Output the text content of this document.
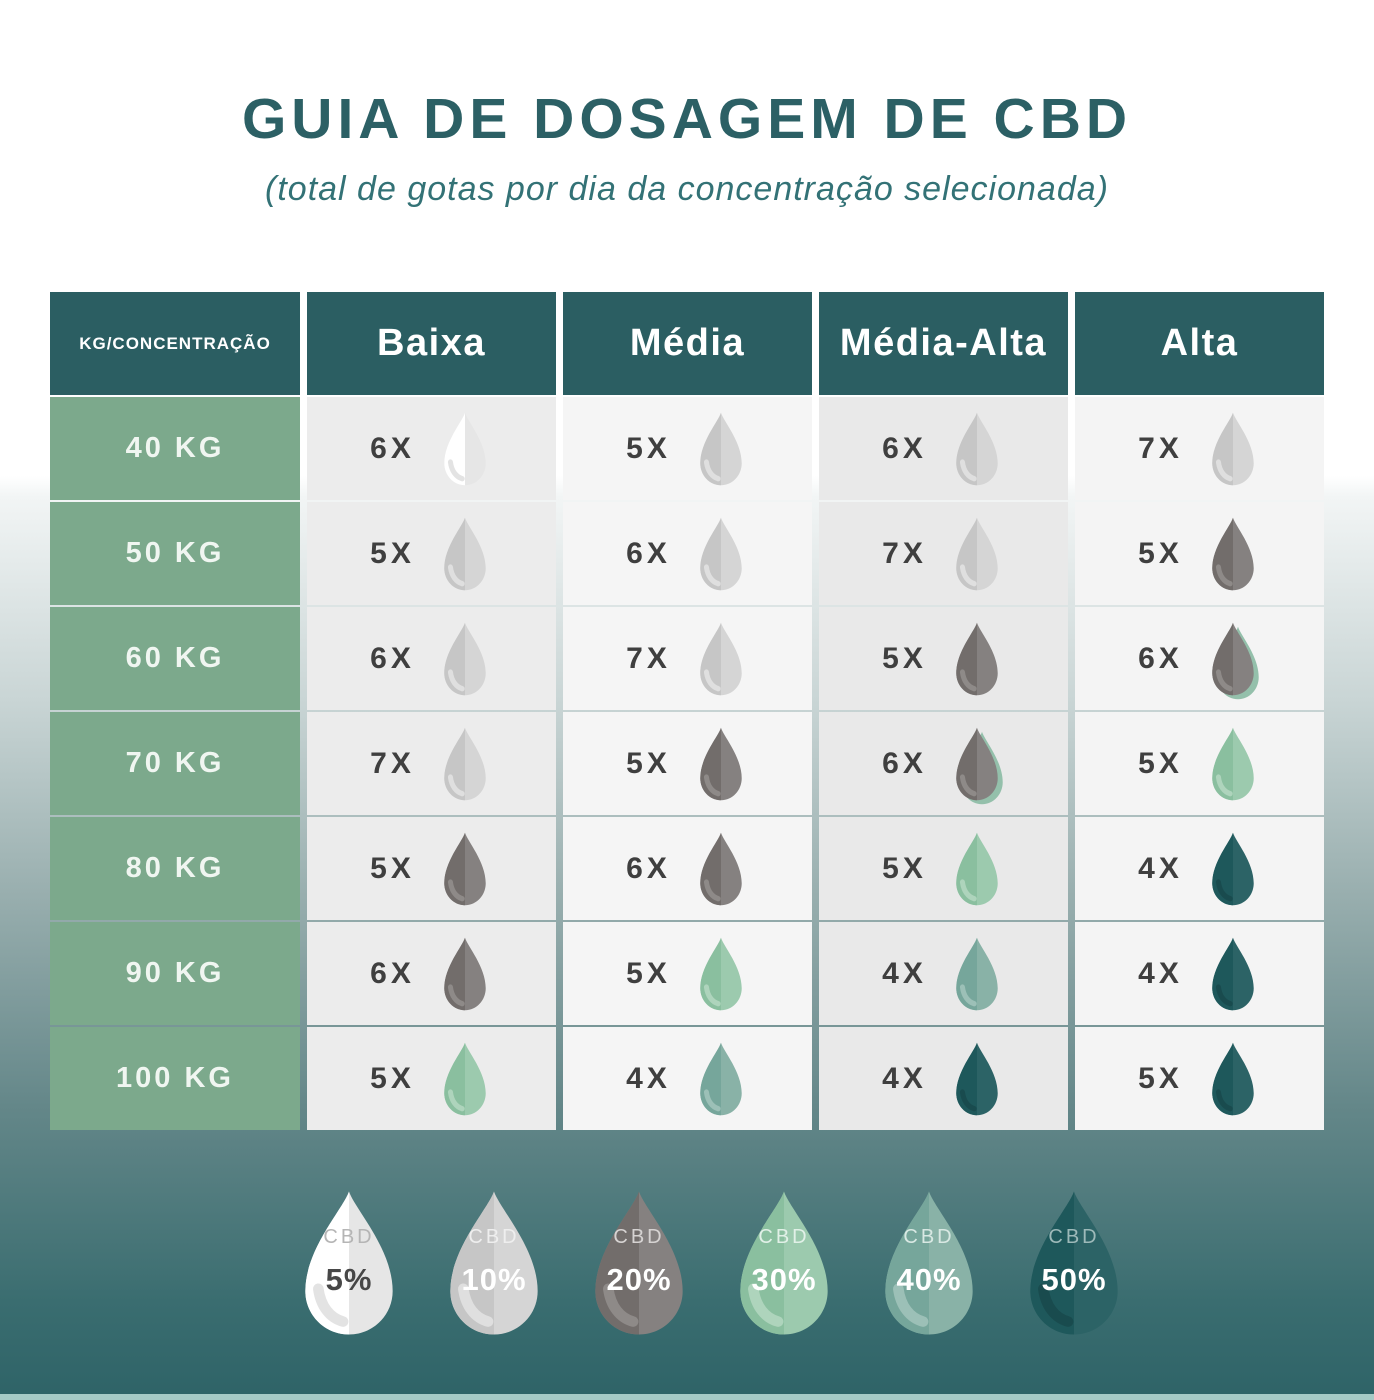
GUIA DE DOSAGEM DE CBD
(total de gotas por dia da concentração selecionada)
KG/CONCENTRAÇÃO	Baixa	Média	Média-Alta	Alta
40 KG	6X	5X	6X	7X
50 KG	5X	6X	7X	5X
60 KG	6X	7X	5X	6X
70 KG	7X	5X	6X	5X
80 KG	5X	6X	5X	4X
90 KG	6X	5X	4X	4X
100 KG	5X	4X	4X	5X
CBD
5%
CBD
10%
CBD
20%
CBD
30%
CBD
40%
CBD
50%
